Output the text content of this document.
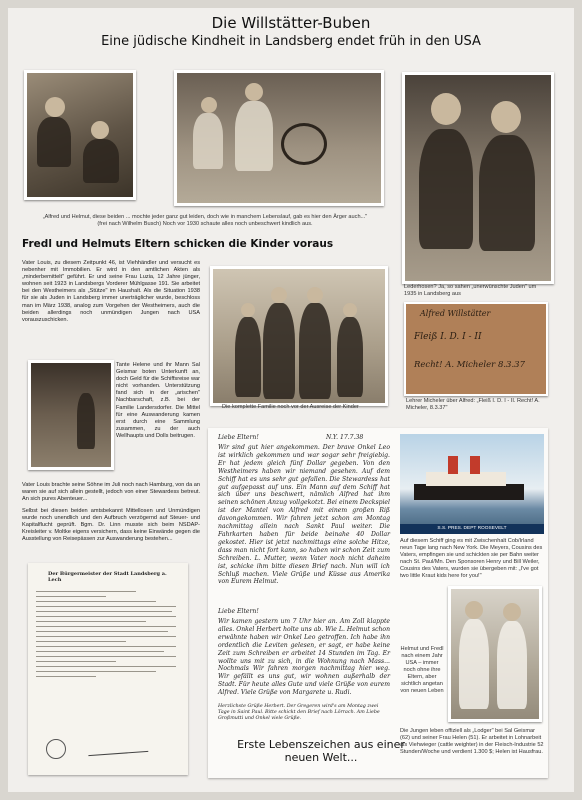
Die Willstätter-Buben
Eine jüdische Kindheit in Landsberg endet früh in den USA
„Alfred und Helmut, diese beiden ... mochte jeder ganz gut leiden, doch wie in manchem Lebenslauf, gab es hier den Ärger auch..." (frei nach Wilhelm Busch) Noch vor 1930 schaute alles noch unbeschwert kindlich aus.
Lederhosen? Ja, so sahen „unerwünschte Juden" um 1935 in Landsberg aus
Fredl und Helmuts Eltern schicken die Kinder voraus
Vater Louis, zu diesem Zeitpunkt 46, ist Viehhändler und versucht es nebenher mit Immobilien. Er wird in den amtlichen Akten als „minderbemittelt" geführt. Er und seine Frau Luzia, 12 Jahre jünger, wohnen seit 1923 in Landsbergs Vorderer Mühlgasse 191. Sie arbeitet bei den Westheimers als „Stütze" im Haushalt. Als die Situation 1938 für sie als Juden in Landsberg immer unerträglicher wurde, beschloss man im März 1938, analog zum Vorgehen der Westheimers, auch die beiden allerdings noch unmündigen Jungen nach USA vorauszuschicken.
Tante Helene und ihr Mann Sal Geismar boten Unterkunft an, doch Geld für die Schiffsreise war nicht vorhanden. Unterstützung fand sich in der „arischen" Nachbarschaft, z.B. bei der Familie Landersdorfer. Die Mittel für eine Auswanderung kamen erst durch eine Sammlung zusammen, zu der auch Wellhaupts und Dolls beitrugen.
Vater Louis brachte seine Söhne im Juli noch nach Hamburg, von da an waren sie auf sich allein gestellt, jedoch von einer Stewardess betreut. An sich pures Abenteuer...
Selbst bei diesen beiden amtsbekannt Mittellosen und Unmündigen wurde noch unendlich und den Aufbruch verzögernd auf Steuer- und Kapitalflucht geprüft. Bgm. Dr. Linn musste sich beim NSDAP-Kreisleiter v. Moltke eigens versichern, dass keine Einwände gegen die Ausstellung von Reisepässen zur Auswanderung bestehen...
Die komplette Familie noch vor der Ausreise der Kinder
Alfred Willstätter
Fleiß I. D. I - II
Recht! A. Micheler 8.3.37
Lehrer Micheler über Alfred: „Fleiß I. D. I - II. Recht! A. Micheler, 8.3.37"
Liebe Eltern!	N.Y. 17.7.38
Wir sind gut hier angekommen. Der brave Onkel Leo ist wirklich gekommen und war sogar sehr freigiebig. Er hat jedem gleich fünf Dollar gegeben. Von den Westheimers haben wir niemand gesehen. Auf dem Schiff hat es uns sehr gut gefallen. Die Stewardess hat gut aufgepasst auf uns. Ein Mann auf dem Schiff hat sich über uns beschwert, nämlich Alfred hat ihm seinen schönen Anzug vollgekotzt. Bei einem Deckspiel ist der Mantel von Alfred mit einem großen Riß davongekommen. Wir fahren jetzt schon am Montag nachmittag allein nach Sankt Paul weiter. Die Fahrkarten haben für beide beinahe 40 Dollar gekostet. Hier ist jetzt nachmittags eine solche Hitze, dass man nicht fort kann, so haben wir schon Zeit zum Schreiben. L. Mutter, wenn Vater noch nicht daheim ist, schicke ihm bitte diesen Brief nach. Nun will ich Schluß machen. Viele Grüße und Küsse aus Amerika von Eurem Helmut.
Liebe Eltern!
Wir kamen gestern um 7 Uhr hier an. Am Zoll klappte alles. Onkel Herbert holte uns ab. Wie L. Helmut schon erwähnte haben wir Onkel Leo getroffen. Ich habe ihn ordentlich die Leviten gelesen, er sagt, er habe keine Zeit zum Schreiben er arbeitet 14 Stunden im Tag. Er wollte uns mit zu sich, in die Wohnung nach Mass... Nochmals Wir fahren morgen nachmittag hier weg. Wir gefällt es uns gut, wir wohnen außerhalb der Stadt. Für heute alles Gute und viele Grüße von eurem Alfred. Viele Grüße von Margarete u. Rudi.
Herzlichste Grüße Herbert. Der Gregeren wird's am Montag zwei Tage in Saint Paul. Bitte schickt den Brief nach Lörrach. Am Liebe Großmutti und Onkel viele Grüße.
S.S. PRES. DEPT ROOSEVELT
Auf diesem Schiff ging es mit Zwischenhalt Cob/Irland neun Tage lang nach New York. Die Meyers, Cousins des Vaters, empfingen sie und schickten sie per Bahn weiter nach St. Paul/Mn. Den Sponsoren Henry und Bill Weiler, Cousins des Vaters, wurden sie übergeben mit: „I've got two little Kraut kids here for you!"
Helmut und Fredl nach einem Jahr USA – immer noch ohne ihre Eltern, aber sichtlich angetan von neuen Leben
Die Jungen leben offiziell als „Lodger" bei Sal Geismar (62) und seiner Frau Helen (51). Er arbeitet in Lohnarbeit als Viehwieger (cattle weighter) in der Fleisch-Industrie 52 Stunden/Woche und verdient 1.300 $; Helen ist Hausfrau.
Erste Lebenszeichen aus einer neuen Welt...
Der Bürgermeister der Stadt Landsberg a. Lech
